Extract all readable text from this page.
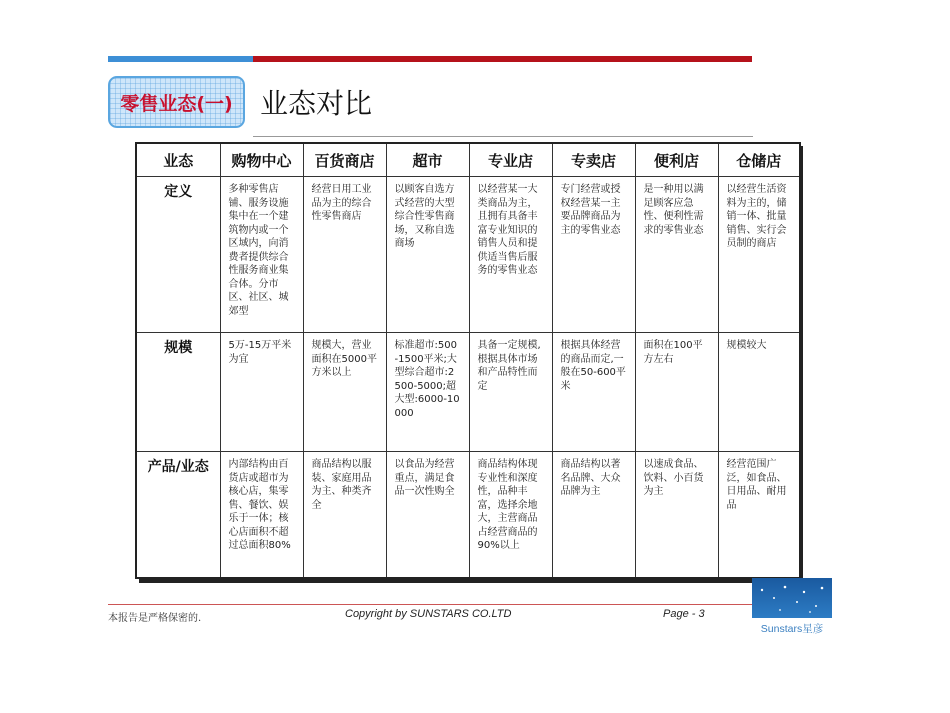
零售业态(一) 业态对比
业态	购物中心	百货商店	超市	专业店	专卖店	便利店	仓储店
定义	多种零售店铺、服务设施集中在一个建筑物内或一个区域内，向消费者提供综合性服务商业集合体。分市区、社区、城郊型	经营日用工业品为主的综合性零售商店	以顾客自选方式经营的大型综合性零售商场，又称自选商场	以经营某一大类商品为主，且拥有具备丰富专业知识的销售人员和提供适当售后服务的零售业态	专门经营或授权经营某一主要品牌商品为主的零售业态	是一种用以满足顾客应急性、便利性需求的零售业态	以经营生活资料为主的，储销一体、批量销售、实行会员制的商店
规模	5万-15万平米为宜	规模大，营业面积在5000平方米以上	标准超市:500-1500平米;大型综合超市:2500-5000;超大型:6000-10000	具备一定规模,根据具体市场和产品特性而定	根据具体经营的商品而定,一般在50-600平米	面积在100平方左右	规模较大
产品/业态	内部结构由百货店或超市为核心店，集零售、餐饮、娱乐于一体；核心店面积不超过总面积80%	商品结构以服装、家庭用品为主、种类齐全	以食品为经营重点，满足食品一次性购全	商品结构体现专业性和深度性，品种丰富，选择余地大，主营商品占经营商品的90%以上	商品结构以著名品牌、大众品牌为主	以速成食品、饮料、小百货为主	经营范围广泛，如食品、日用品、耐用品
本报告是严格保密的.	Copyright by SUNSTARS CO.LTD	Page - 3
Sunstars星彦
